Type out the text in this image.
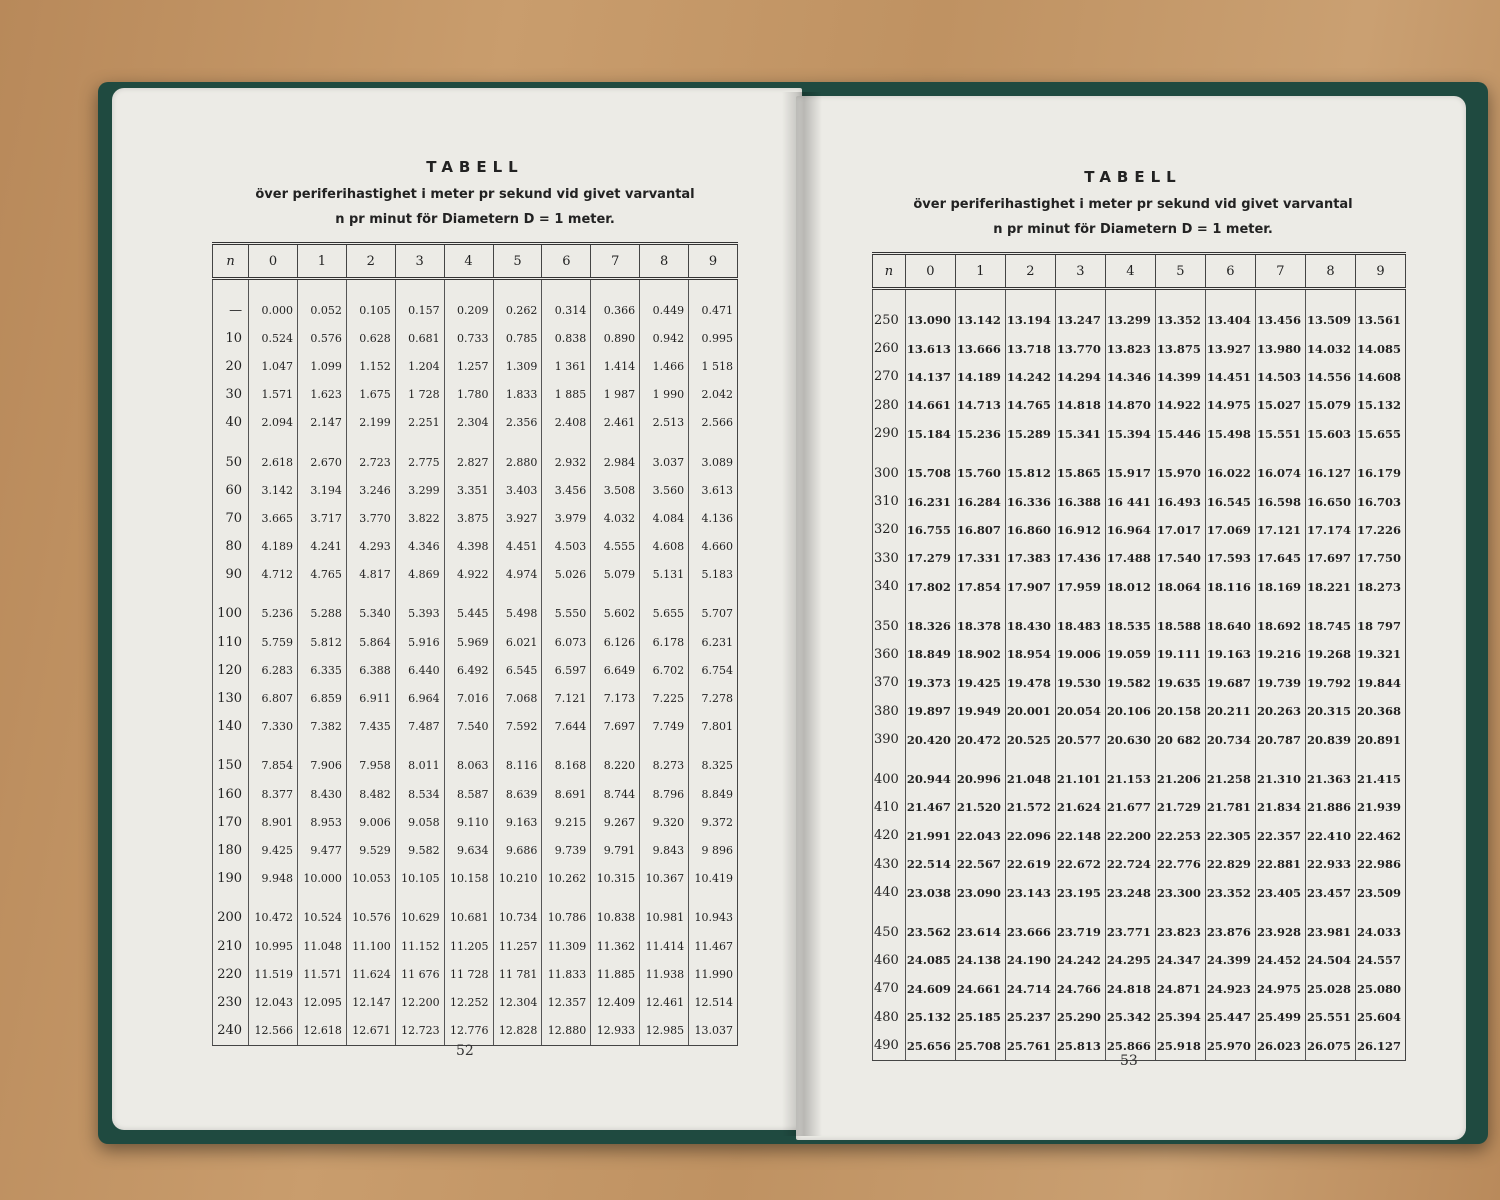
TABELL
över periferihastighet i meter pr sekund vid givet varvantal
n pr minut för Diametern D = 1 meter.
n	0	1	2	3	4	5	6	7	8	9

—	0.000	0.052	0.105	0.157	0.209	0.262	0.314	0.366	0.449	0.471
10	0.524	0.576	0.628	0.681	0.733	0.785	0.838	0.890	0.942	0.995
20	1.047	1.099	1.152	1.204	1.257	1.309	1 361	1.414	1.466	1 518
30	1.571	1.623	1.675	1 728	1.780	1.833	1 885	1 987	1 990	2.042
40	2.094	2.147	2.199	2.251	2.304	2.356	2.408	2.461	2.513	2.566
50	2.618	2.670	2.723	2.775	2.827	2.880	2.932	2.984	3.037	3.089
60	3.142	3.194	3.246	3.299	3.351	3.403	3.456	3.508	3.560	3.613
70	3.665	3.717	3.770	3.822	3.875	3.927	3.979	4.032	4.084	4.136
80	4.189	4.241	4.293	4.346	4.398	4.451	4.503	4.555	4.608	4.660
90	4.712	4.765	4.817	4.869	4.922	4.974	5.026	5.079	5.131	5.183
100	5.236	5.288	5.340	5.393	5.445	5.498	5.550	5.602	5.655	5.707
110	5.759	5.812	5.864	5.916	5.969	6.021	6.073	6.126	6.178	6.231
120	6.283	6.335	6.388	6.440	6.492	6.545	6.597	6.649	6.702	6.754
130	6.807	6.859	6.911	6.964	7.016	7.068	7.121	7.173	7.225	7.278
140	7.330	7.382	7.435	7.487	7.540	7.592	7.644	7.697	7.749	7.801
150	7.854	7.906	7.958	8.011	8.063	8.116	8.168	8.220	8.273	8.325
160	8.377	8.430	8.482	8.534	8.587	8.639	8.691	8.744	8.796	8.849
170	8.901	8.953	9.006	9.058	9.110	9.163	9.215	9.267	9.320	9.372
180	9.425	9.477	9.529	9.582	9.634	9.686	9.739	9.791	9.843	9 896
190	9.948	10.000	10.053	10.105	10.158	10.210	10.262	10.315	10.367	10.419
200	10.472	10.524	10.576	10.629	10.681	10.734	10.786	10.838	10.981	10.943
210	10.995	11.048	11.100	11.152	11.205	11.257	11.309	11.362	11.414	11.467
220	11.519	11.571	11.624	11 676	11 728	11 781	11.833	11.885	11.938	11.990
230	12.043	12.095	12.147	12.200	12.252	12.304	12.357	12.409	12.461	12.514
240	12.566	12.618	12.671	12.723	12.776	12.828	12.880	12.933	12.985	13.037
52
TABELL
över periferihastighet i meter pr sekund vid givet varvantal
n pr minut för Diametern D = 1 meter.
n	0	1	2	3	4	5	6	7	8	9

250	13.090	13.142	13.194	13.247	13.299	13.352	13.404	13.456	13.509	13.561
260	13.613	13.666	13.718	13.770	13.823	13.875	13.927	13.980	14.032	14.085
270	14.137	14.189	14.242	14.294	14.346	14.399	14.451	14.503	14.556	14.608
280	14.661	14.713	14.765	14.818	14.870	14.922	14.975	15.027	15.079	15.132
290	15.184	15.236	15.289	15.341	15.394	15.446	15.498	15.551	15.603	15.655
300	15.708	15.760	15.812	15.865	15.917	15.970	16.022	16.074	16.127	16.179
310	16.231	16.284	16.336	16.388	16 441	16.493	16.545	16.598	16.650	16.703
320	16.755	16.807	16.860	16.912	16.964	17.017	17.069	17.121	17.174	17.226
330	17.279	17.331	17.383	17.436	17.488	17.540	17.593	17.645	17.697	17.750
340	17.802	17.854	17.907	17.959	18.012	18.064	18.116	18.169	18.221	18.273
350	18.326	18.378	18.430	18.483	18.535	18.588	18.640	18.692	18.745	18 797
360	18.849	18.902	18.954	19.006	19.059	19.111	19.163	19.216	19.268	19.321
370	19.373	19.425	19.478	19.530	19.582	19.635	19.687	19.739	19.792	19.844
380	19.897	19.949	20.001	20.054	20.106	20.158	20.211	20.263	20.315	20.368
390	20.420	20.472	20.525	20.577	20.630	20 682	20.734	20.787	20.839	20.891
400	20.944	20.996	21.048	21.101	21.153	21.206	21.258	21.310	21.363	21.415
410	21.467	21.520	21.572	21.624	21.677	21.729	21.781	21.834	21.886	21.939
420	21.991	22.043	22.096	22.148	22.200	22.253	22.305	22.357	22.410	22.462
430	22.514	22.567	22.619	22.672	22.724	22.776	22.829	22.881	22.933	22.986
440	23.038	23.090	23.143	23.195	23.248	23.300	23.352	23.405	23.457	23.509
450	23.562	23.614	23.666	23.719	23.771	23.823	23.876	23.928	23.981	24.033
460	24.085	24.138	24.190	24.242	24.295	24.347	24.399	24.452	24.504	24.557
470	24.609	24.661	24.714	24.766	24.818	24.871	24.923	24.975	25.028	25.080
480	25.132	25.185	25.237	25.290	25.342	25.394	25.447	25.499	25.551	25.604
490	25.656	25.708	25.761	25.813	25.866	25.918	25.970	26.023	26.075	26.127
53
